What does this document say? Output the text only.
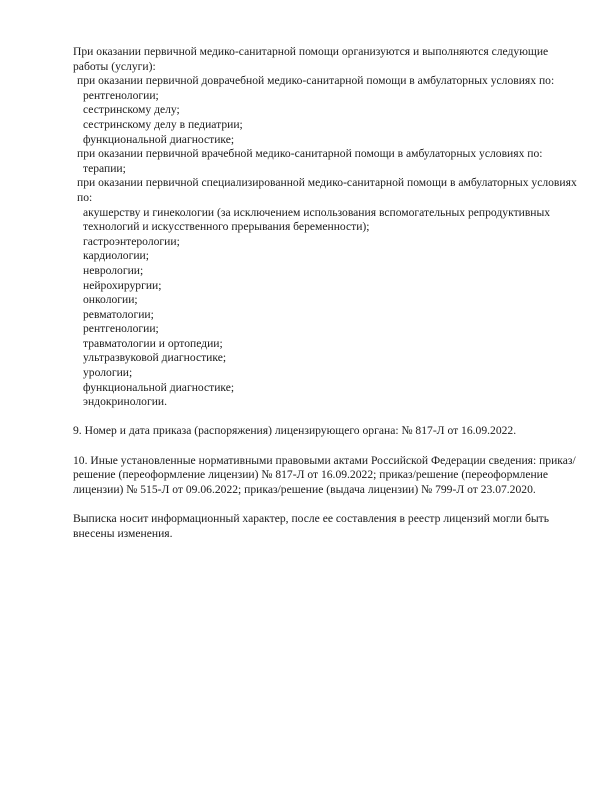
При оказании первичной медико-санитарной помощи организуются и выполняются следующие работы (услуги):

при оказании первичной доврачебной медико-санитарной помощи в амбулаторных условиях по:

рентгенологии;

сестринскому делу;

сестринскому делу в педиатрии;

функциональной диагностике;

при оказании первичной врачебной медико-санитарной помощи в амбулаторных условиях по:

терапии;

при оказании первичной специализированной медико-санитарной помощи в амбулаторных условиях по:

акушерству и гинекологии (за исключением использования вспомогательных репродуктивных технологий и искусственного прерывания беременности);

гастроэнтерологии;

кардиологии;

неврологии;

нейрохирургии;

онкологии;

ревматологии;

рентгенологии;

травматологии и ортопедии;

ультразвуковой диагностике;

урологии;

функциональной диагностике;

эндокринологии.

9. Номер и дата приказа (распоряжения) лицензирующего органа: № 817-Л от 16.09.2022.

10. Иные установленные нормативными правовыми актами Российской Федерации сведения: приказ/решение (переоформление лицензии) № 817-Л от 16.09.2022; приказ/решение (переоформление лицензии) № 515-Л от 09.06.2022; приказ/решение (выдача лицензии) № 799-Л от 23.07.2020.

Выписка носит информационный характер, после ее составления в реестр лицензий могли быть внесены изменения.
